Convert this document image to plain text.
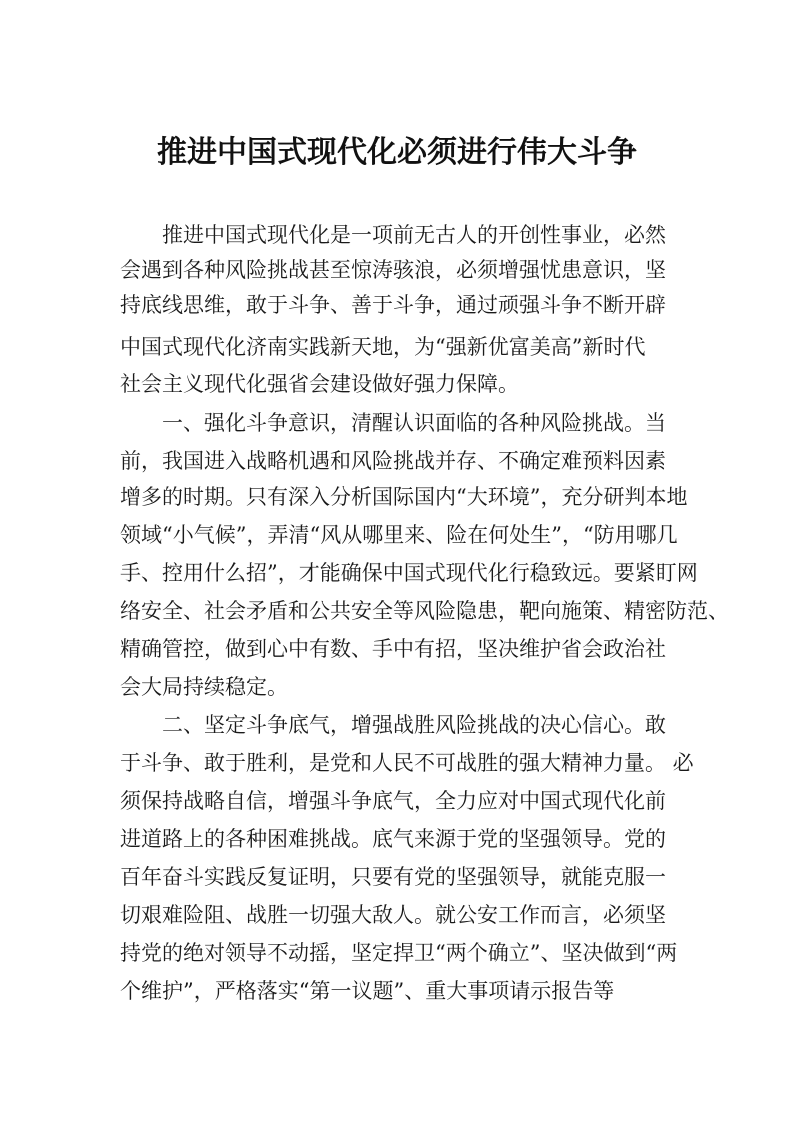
推进中国式现代化必须进行伟大斗争
推进中国式现代化是一项前无古人的开创性事业，必然
会遇到各种风险挑战甚至惊涛骇浪，必须增强忧患意识，坚
持底线思维，敢于斗争、善于斗争，通过顽强斗争不断开辟
中国式现代化济南实践新天地，为“强新优富美高”新时代
社会主义现代化强省会建设做好强力保障。
一、强化斗争意识，清醒认识面临的各种风险挑战。当
前，我国进入战略机遇和风险挑战并存、不确定难预料因素
增多的时期。只有深入分析国际国内“大环境”，充分研判本地
领域“小气候”，弄清“风从哪里来、险在何处生”，“防用哪几
手、控用什么招”，才能确保中国式现代化行稳致远。要紧盯网
络安全、社会矛盾和公共安全等风险隐患，靶向施策、精密防范、
精确管控，做到心中有数、手中有招，坚决维护省会政治社
会大局持续稳定。
二、坚定斗争底气，增强战胜风险挑战的决心信心。敢
于斗争、敢于胜利，是党和人民不可战胜的强大精神力量。 必
须保持战略自信，增强斗争底气，全力应对中国式现代化前
进道路上的各种困难挑战。底气来源于党的坚强领导。党的
百年奋斗实践反复证明，只要有党的坚强领导，就能克服一
切艰难险阻、战胜一切强大敌人。就公安工作而言，必须坚
持党的绝对领导不动摇，坚定捍卫“两个确立”、坚决做到“两
个维护”，严格落实“第一议题”、重大事项请示报告等
